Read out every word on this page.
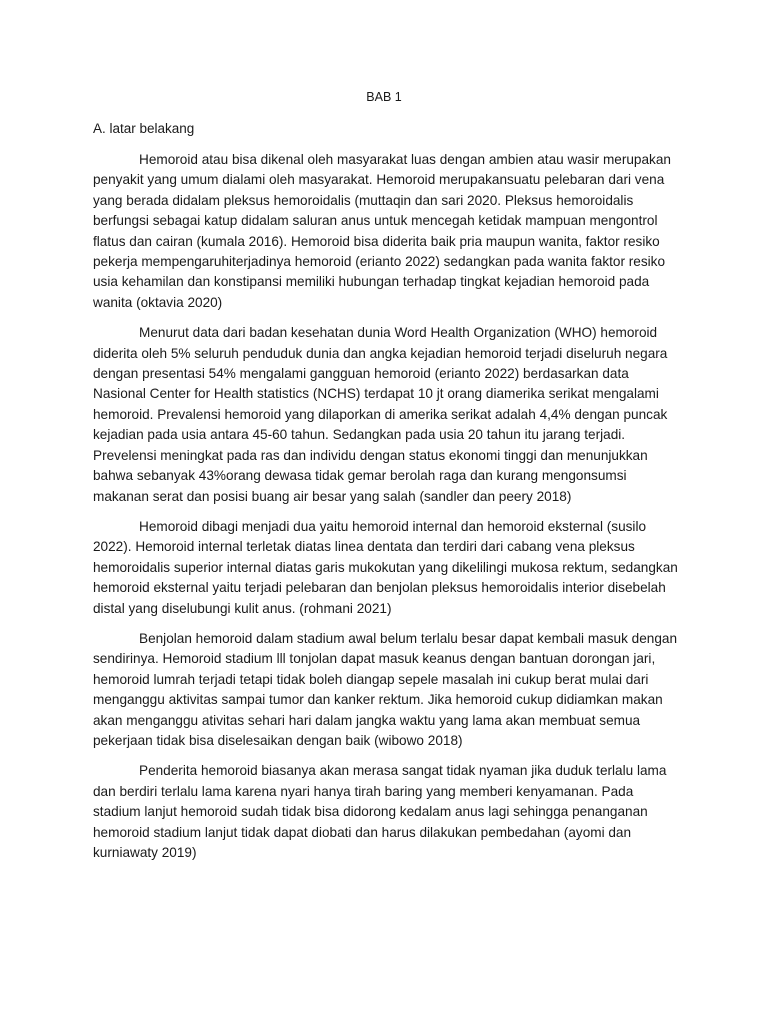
BAB 1
A. latar belakang

Hemoroid atau bisa dikenal oleh masyarakat luas dengan ambien atau wasir merupakan penyakit yang umum dialami oleh masyarakat. Hemoroid merupakansuatu pelebaran dari vena yang berada didalam pleksus hemoroidalis (muttaqin dan sari 2020. Pleksus hemoroidalis berfungsi sebagai katup didalam saluran anus untuk mencegah ketidak mampuan mengontrol flatus dan cairan (kumala 2016). Hemoroid bisa diderita baik pria maupun wanita, faktor resiko pekerja mempengaruhiterjadinya hemoroid (erianto 2022) sedangkan pada wanita faktor resiko usia kehamilan dan konstipansi memiliki hubungan terhadap tingkat kejadian hemoroid pada wanita (oktavia 2020)

Menurut data dari badan kesehatan dunia Word Health Organization (WHO) hemoroid diderita oleh 5% seluruh penduduk dunia dan angka kejadian hemoroid terjadi diseluruh negara dengan presentasi 54% mengalami gangguan hemoroid (erianto 2022) berdasarkan data Nasional Center for Health statistics (NCHS) terdapat 10 jt orang diamerika serikat mengalami hemoroid. Prevalensi hemoroid yang dilaporkan di amerika serikat adalah 4,4% dengan puncak kejadian pada usia antara 45-60 tahun. Sedangkan pada usia 20 tahun itu jarang terjadi. Prevelensi meningkat pada ras dan individu dengan status ekonomi tinggi dan menunjukkan bahwa sebanyak 43%orang dewasa tidak gemar berolah raga dan kurang mengonsumsi makanan serat dan posisi buang air besar yang salah (sandler dan peery 2018)

Hemoroid dibagi menjadi dua yaitu hemoroid internal dan hemoroid eksternal (susilo 2022). Hemoroid internal terletak diatas linea dentata dan terdiri dari cabang vena pleksus hemoroidalis superior internal diatas garis mukokutan yang dikelilingi mukosa rektum, sedangkan hemoroid eksternal yaitu terjadi pelebaran dan benjolan pleksus hemoroidalis interior disebelah distal yang diselubungi kulit anus. (rohmani 2021)

Benjolan hemoroid dalam stadium awal belum terlalu besar dapat kembali masuk dengan sendirinya. Hemoroid stadium lll tonjolan dapat masuk keanus dengan bantuan dorongan jari, hemoroid lumrah terjadi tetapi tidak boleh diangap sepele masalah ini cukup berat mulai dari menganggu aktivitas sampai tumor dan kanker rektum. Jika hemoroid cukup didiamkan makan akan menganggu ativitas sehari hari dalam jangka waktu yang lama akan membuat semua pekerjaan tidak bisa diselesaikan dengan baik (wibowo 2018)

Penderita hemoroid biasanya akan merasa sangat tidak nyaman jika duduk terlalu lama dan berdiri terlalu lama karena nyari hanya tirah baring yang memberi kenyamanan. Pada stadium lanjut hemoroid sudah tidak bisa didorong kedalam anus lagi sehingga penanganan hemoroid stadium lanjut tidak dapat diobati dan harus dilakukan pembedahan (ayomi dan kurniawaty 2019)
